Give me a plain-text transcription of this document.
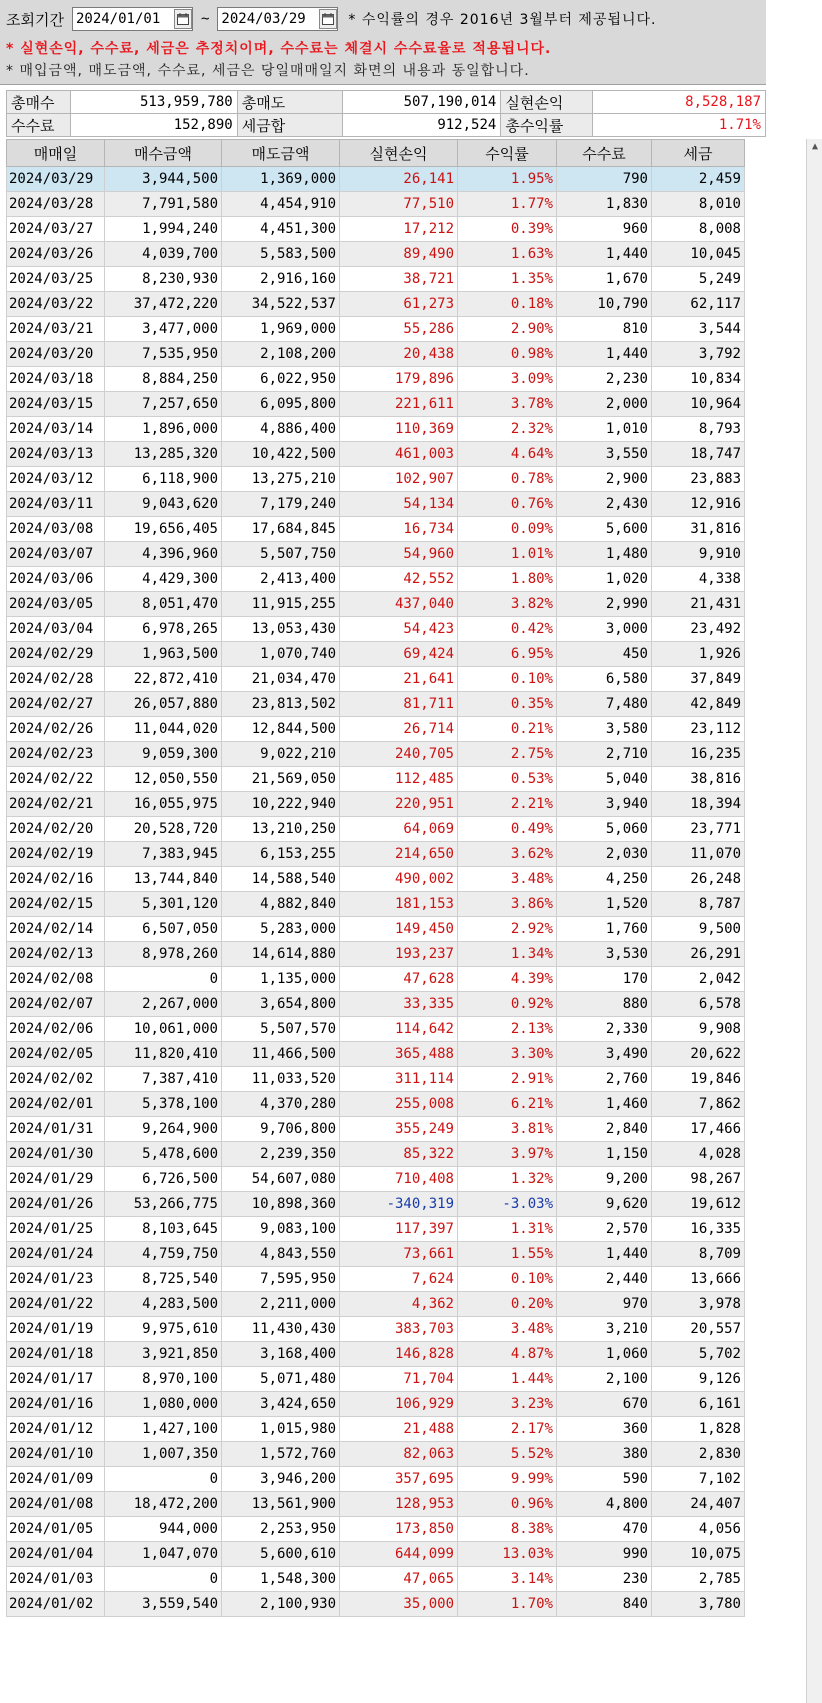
조회기간 2024/01/01	~ 2024/03/29	* 수익률의 경우 2016년 3월부터 제공됩니다.
* 실현손익, 수수료, 세금은 추정치이며, 수수료는 체결시 수수료율로 적용됩니다.
* 매입금액, 매도금액, 수수료, 세금은 당일매매일지 화면의 내용과 동일합니다.
총매수	513,959,780	총매도	507,190,014	실현손익	8,528,187
수수료	152,890	세금합	912,524	총수익률	1.71%
매매일	매수금액	매도금액	실현손익	수익률	수수료	세금
2024/03/29	3,944,500	1,369,000	26,141	1.95%	790	2,459
2024/03/28	7,791,580	4,454,910	77,510	1.77%	1,830	8,010
2024/03/27	1,994,240	4,451,300	17,212	0.39%	960	8,008
2024/03/26	4,039,700	5,583,500	89,490	1.63%	1,440	10,045
2024/03/25	8,230,930	2,916,160	38,721	1.35%	1,670	5,249
2024/03/22	37,472,220	34,522,537	61,273	0.18%	10,790	62,117
2024/03/21	3,477,000	1,969,000	55,286	2.90%	810	3,544
2024/03/20	7,535,950	2,108,200	20,438	0.98%	1,440	3,792
2024/03/18	8,884,250	6,022,950	179,896	3.09%	2,230	10,834
2024/03/15	7,257,650	6,095,800	221,611	3.78%	2,000	10,964
2024/03/14	1,896,000	4,886,400	110,369	2.32%	1,010	8,793
2024/03/13	13,285,320	10,422,500	461,003	4.64%	3,550	18,747
2024/03/12	6,118,900	13,275,210	102,907	0.78%	2,900	23,883
2024/03/11	9,043,620	7,179,240	54,134	0.76%	2,430	12,916
2024/03/08	19,656,405	17,684,845	16,734	0.09%	5,600	31,816
2024/03/07	4,396,960	5,507,750	54,960	1.01%	1,480	9,910
2024/03/06	4,429,300	2,413,400	42,552	1.80%	1,020	4,338
2024/03/05	8,051,470	11,915,255	437,040	3.82%	2,990	21,431
2024/03/04	6,978,265	13,053,430	54,423	0.42%	3,000	23,492
2024/02/29	1,963,500	1,070,740	69,424	6.95%	450	1,926
2024/02/28	22,872,410	21,034,470	21,641	0.10%	6,580	37,849
2024/02/27	26,057,880	23,813,502	81,711	0.35%	7,480	42,849
2024/02/26	11,044,020	12,844,500	26,714	0.21%	3,580	23,112
2024/02/23	9,059,300	9,022,210	240,705	2.75%	2,710	16,235
2024/02/22	12,050,550	21,569,050	112,485	0.53%	5,040	38,816
2024/02/21	16,055,975	10,222,940	220,951	2.21%	3,940	18,394
2024/02/20	20,528,720	13,210,250	64,069	0.49%	5,060	23,771
2024/02/19	7,383,945	6,153,255	214,650	3.62%	2,030	11,070
2024/02/16	13,744,840	14,588,540	490,002	3.48%	4,250	26,248
2024/02/15	5,301,120	4,882,840	181,153	3.86%	1,520	8,787
2024/02/14	6,507,050	5,283,000	149,450	2.92%	1,760	9,500
2024/02/13	8,978,260	14,614,880	193,237	1.34%	3,530	26,291
2024/02/08	0	1,135,000	47,628	4.39%	170	2,042
2024/02/07	2,267,000	3,654,800	33,335	0.92%	880	6,578
2024/02/06	10,061,000	5,507,570	114,642	2.13%	2,330	9,908
2024/02/05	11,820,410	11,466,500	365,488	3.30%	3,490	20,622
2024/02/02	7,387,410	11,033,520	311,114	2.91%	2,760	19,846
2024/02/01	5,378,100	4,370,280	255,008	6.21%	1,460	7,862
2024/01/31	9,264,900	9,706,800	355,249	3.81%	2,840	17,466
2024/01/30	5,478,600	2,239,350	85,322	3.97%	1,150	4,028
2024/01/29	6,726,500	54,607,080	710,408	1.32%	9,200	98,267
2024/01/26	53,266,775	10,898,360	-340,319	-3.03%	9,620	19,612
2024/01/25	8,103,645	9,083,100	117,397	1.31%	2,570	16,335
2024/01/24	4,759,750	4,843,550	73,661	1.55%	1,440	8,709
2024/01/23	8,725,540	7,595,950	7,624	0.10%	2,440	13,666
2024/01/22	4,283,500	2,211,000	4,362	0.20%	970	3,978
2024/01/19	9,975,610	11,430,430	383,703	3.48%	3,210	20,557
2024/01/18	3,921,850	3,168,400	146,828	4.87%	1,060	5,702
2024/01/17	8,970,100	5,071,480	71,704	1.44%	2,100	9,126
2024/01/16	1,080,000	3,424,650	106,929	3.23%	670	6,161
2024/01/12	1,427,100	1,015,980	21,488	2.17%	360	1,828
2024/01/10	1,007,350	1,572,760	82,063	5.52%	380	2,830
2024/01/09	0	3,946,200	357,695	9.99%	590	7,102
2024/01/08	18,472,200	13,561,900	128,953	0.96%	4,800	24,407
2024/01/05	944,000	2,253,950	173,850	8.38%	470	4,056
2024/01/04	1,047,070	5,600,610	644,099	13.03%	990	10,075
2024/01/03	0	1,548,300	47,065	3.14%	230	2,785
2024/01/02	3,559,540	2,100,930	35,000	1.70%	840	3,780
▲
